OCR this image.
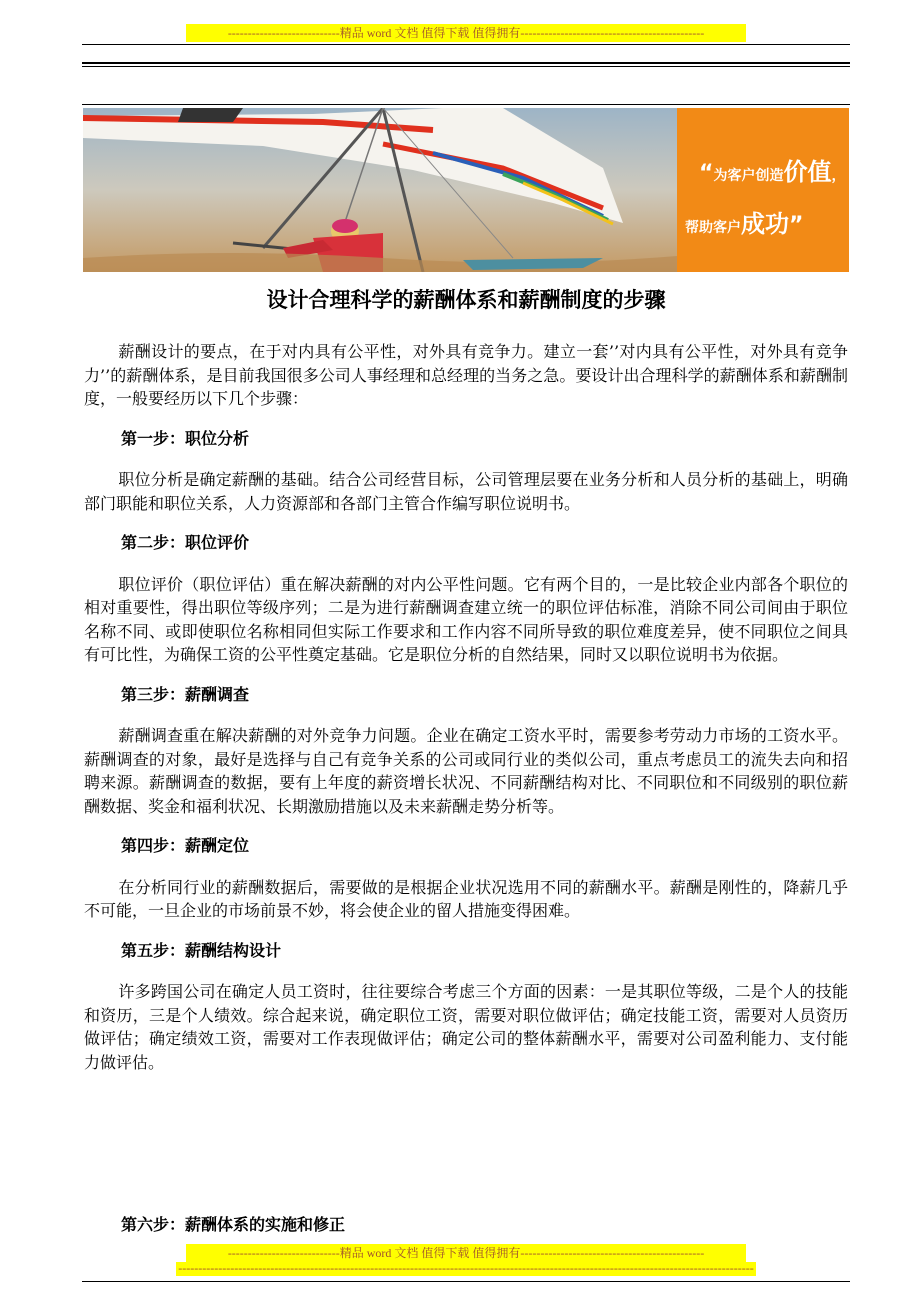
----------------------------精品 word 文档 值得下载 值得拥有----------------------------------------------
“为客户创造价值，
帮助客户成功”
设计合理科学的薪酬体系和薪酬制度的步骤

薪酬设计的要点，在于对内具有公平性，对外具有竞争力。建立一套’’对内具有公平性，对外具有竞争力’’的薪酬体系，是目前我国很多公司人事经理和总经理的当务之急。要设计出合理科学的薪酬体系和薪酬制度，一般要经历以下几个步骤：

第一步：职位分析

职位分析是确定薪酬的基础。结合公司经营目标，公司管理层要在业务分析和人员分析的基础上，明确部门职能和职位关系，人力资源部和各部门主管合作编写职位说明书。

第二步：职位评价

职位评价（职位评估）重在解决薪酬的对内公平性问题。它有两个目的，一是比较企业内部各个职位的相对重要性，得出职位等级序列；二是为进行薪酬调查建立统一的职位评估标准，消除不同公司间由于职位名称不同、或即使职位名称相同但实际工作要求和工作内容不同所导致的职位难度差异，使不同职位之间具有可比性，为确保工资的公平性奠定基础。它是职位分析的自然结果，同时又以职位说明书为依据。

第三步：薪酬调查

薪酬调查重在解决薪酬的对外竞争力问题。企业在确定工资水平时，需要参考劳动力市场的工资水平。薪酬调查的对象，最好是选择与自己有竞争关系的公司或同行业的类似公司，重点考虑员工的流失去向和招聘来源。薪酬调查的数据，要有上年度的薪资增长状况、不同薪酬结构对比、不同职位和不同级别的职位薪酬数据、奖金和福利状况、长期激励措施以及未来薪酬走势分析等。

第四步：薪酬定位

在分析同行业的薪酬数据后，需要做的是根据企业状况选用不同的薪酬水平。薪酬是刚性的，降薪几乎不可能，一旦企业的市场前景不妙，将会使企业的留人措施变得困难。

第五步：薪酬结构设计

许多跨国公司在确定人员工资时，往往要综合考虑三个方面的因素：一是其职位等级，二是个人的技能和资历，三是个人绩效。综合起来说，确定职位工资，需要对职位做评估；确定技能工资，需要对人员资历做评估；确定绩效工资，需要对工作表现做评估；确定公司的整体薪酬水平，需要对公司盈利能力、支付能力做评估。

第六步：薪酬体系的实施和修正
----------------------------精品 word 文档 值得下载 值得拥有----------------------------------------------
------------------------------------------------------------------------------------------------------------------------------------------------
